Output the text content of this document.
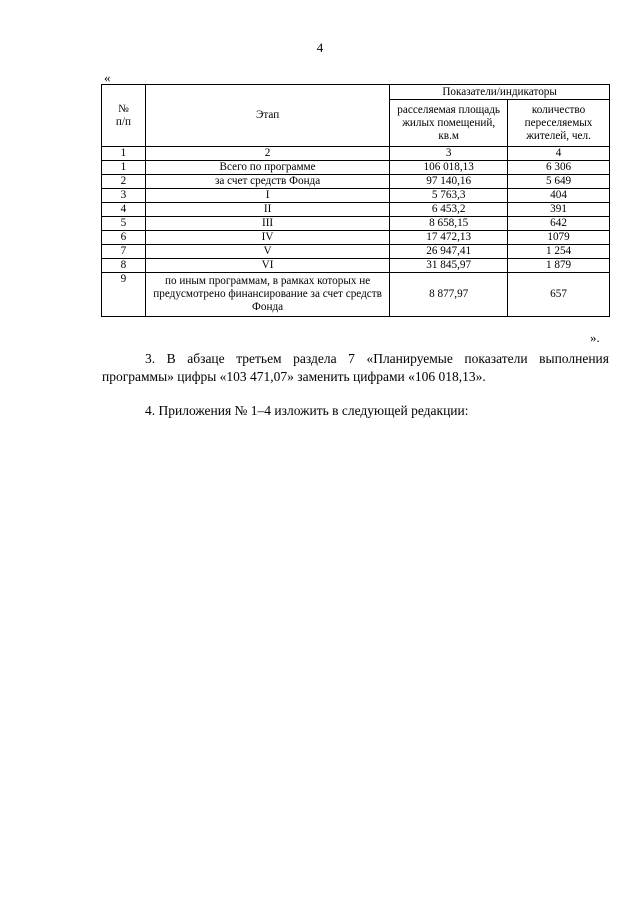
4
«
№
п/п	Этап	Показатели/индикаторы	
		расселяемая площадь жилых помещений, кв.м	количество переселяемых жителей, чел.
1	2	3	4
1	Всего по программе	106 018,13	6 306
2	за счет средств Фонда	97 140,16	5 649
3	I	5 763,3	404
4	II	6 453,2	391
5	III	8 658,15	642
6	IV	17 472,13	1079
7	V	26 947,41	1 254
8	VI	31 845,97	1 879
9	по иным программам, в рамках которых не предусмотрено финансирование за счет средств Фонда	8 877,97	657
».

3. В абзаце третьем раздела 7 «Планируемые показатели выполнения программы» цифры «103 471,07» заменить цифрами «106 018,13».

4. Приложения № 1–4 изложить в следующей редакции:
